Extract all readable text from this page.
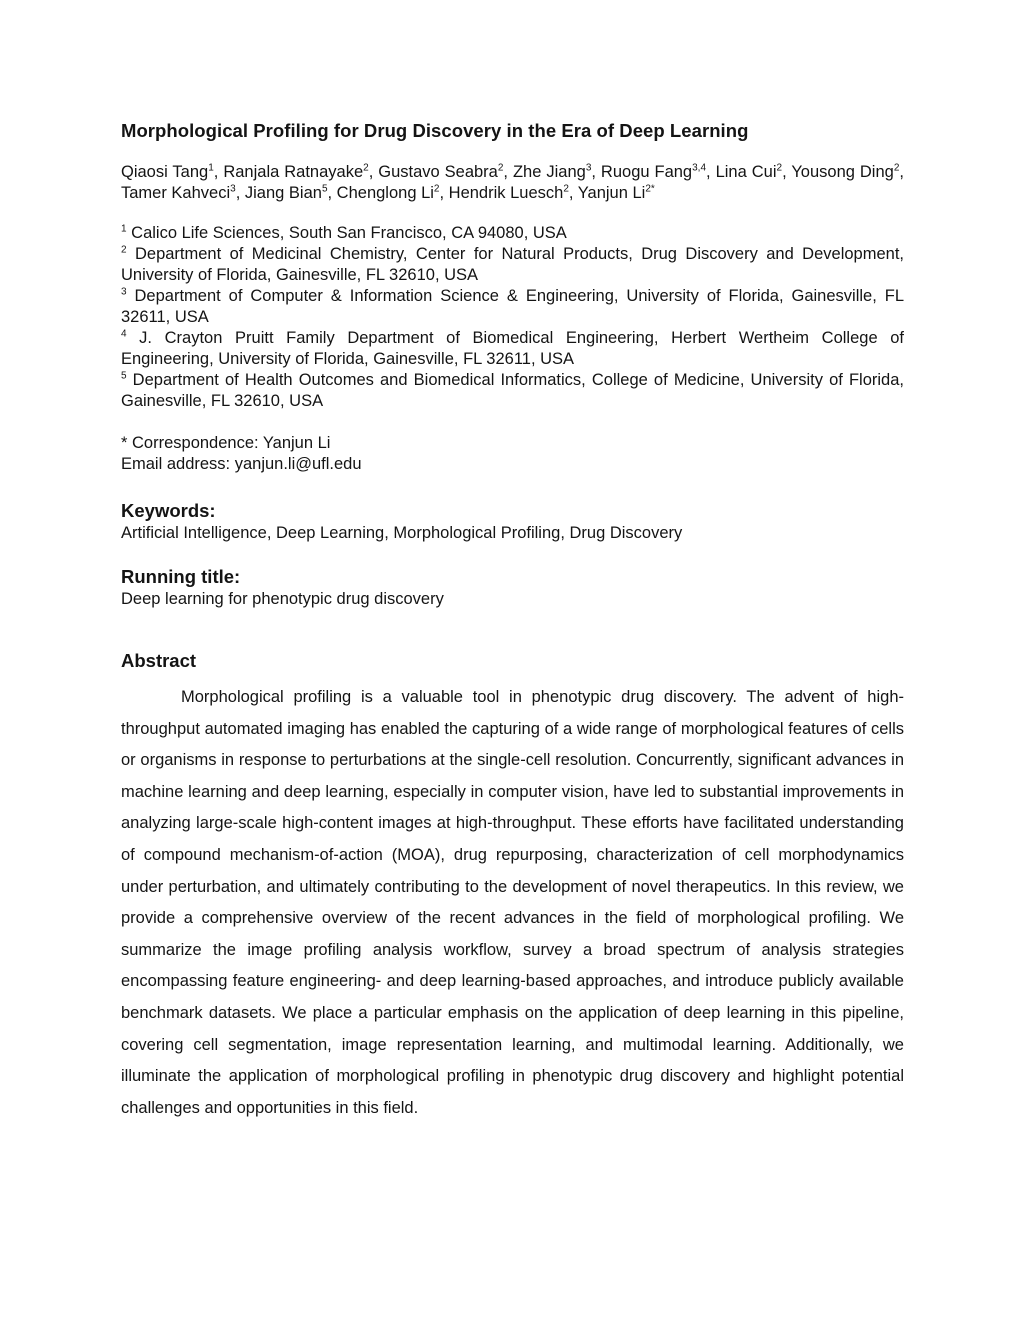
Morphological Profiling for Drug Discovery in the Era of Deep Learning
Qiaosi Tang$^1$, Ranjala Ratnayake$^2$, Gustavo Seabra$^2$, Zhe Jiang$^3$, Ruogu Fang$^{3,4}$, Lina Cui$^2$, Yousong Ding$^2$, Tamer Kahveci$^3$, Jiang Bian$^5$, Chenglong Li$^2$, Hendrik Luesch$^2$, Yanjun $Li^{2*}$

$^1$ Calico Life Sciences, South San Francisco, CA 94080, USA

$^2$ Department of Medicinal Chemistry, Center for Natural Products, Drug Discovery and Development, University of Florida, Gainesville, FL 32610, USA

$^3$ Department of Computer & Information Science & Engineering, University of Florida, Gainesville, FL 32611, USA

$^4$ J. Crayton Pruitt Family Department of Biomedical Engineering, Herbert Wertheim College of Engineering, University of Florida, Gainesville, FL 32611, USA

$^5$ Department of Health Outcomes and Biomedical Informatics, College of Medicine, University of Florida, Gainesville, FL 32610, USA

* Correspondence: Yanjun Li
Email address: yanjun.li@ufl.edu
Keywords:
Artificial Intelligence, Deep Learning, Morphological Profiling, Drug Discovery
Running title:
Deep learning for phenotypic drug discovery
Abstract

Morphological profiling is a valuable tool in phenotypic drug discovery. The advent of high-throughput automated imaging has enabled the capturing of a wide range of morphological features of cells or organisms in response to perturbations at the single-cell resolution. Concurrently, significant advances in machine learning and deep learning, especially in computer vision, have led to substantial improvements in analyzing large-scale high-content images at high-throughput. These efforts have facilitated understanding of compound mechanism-of-action (MOA), drug repurposing, characterization of cell morphodynamics under perturbation, and ultimately contributing to the development of novel therapeutics. In this review, we provide a comprehensive overview of the recent advances in the field of morphological profiling. We summarize the image profiling analysis workflow, survey a broad spectrum of analysis strategies encompassing feature engineering- and deep learning-based approaches, and introduce publicly available benchmark datasets. We place a particular emphasis on the application of deep learning in this pipeline, covering cell segmentation, image representation learning, and multimodal learning. Additionally, we illuminate the application of morphological profiling in phenotypic drug discovery and highlight potential challenges and opportunities in this field.
